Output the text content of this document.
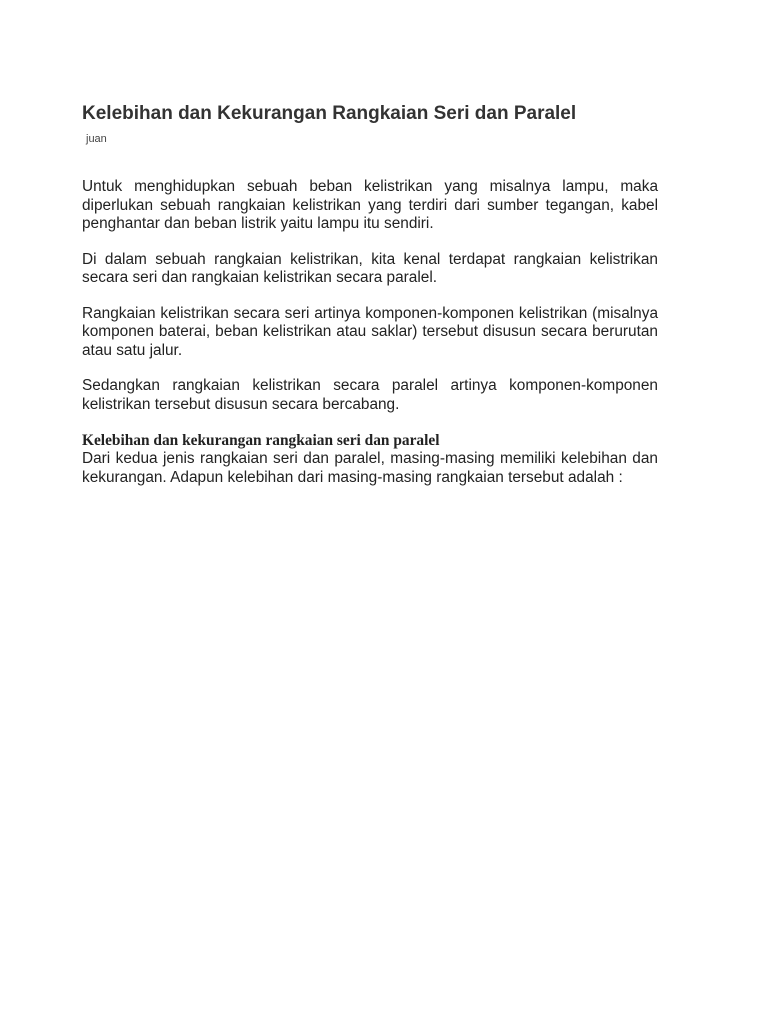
Kelebihan dan Kekurangan Rangkaian Seri dan Paralel
juan

Untuk menghidupkan sebuah beban kelistrikan yang misalnya lampu, maka diperlukan sebuah rangkaian kelistrikan yang terdiri dari sumber tegangan, kabel penghantar dan beban listrik yaitu lampu itu sendiri.

Di dalam sebuah rangkaian kelistrikan, kita kenal terdapat rangkaian kelistrikan secara seri dan rangkaian kelistrikan secara paralel.

Rangkaian kelistrikan secara seri artinya komponen-komponen kelistrikan (misalnya komponen baterai, beban kelistrikan atau saklar) tersebut disusun secara berurutan atau satu jalur.

Sedangkan rangkaian kelistrikan secara paralel artinya komponen-komponen kelistrikan tersebut disusun secara bercabang.

Kelebihan dan kekurangan rangkaian seri dan paralel

Dari kedua jenis rangkaian seri dan paralel, masing-masing memiliki kelebihan dan kekurangan. Adapun kelebihan dari masing-masing rangkaian tersebut adalah :
